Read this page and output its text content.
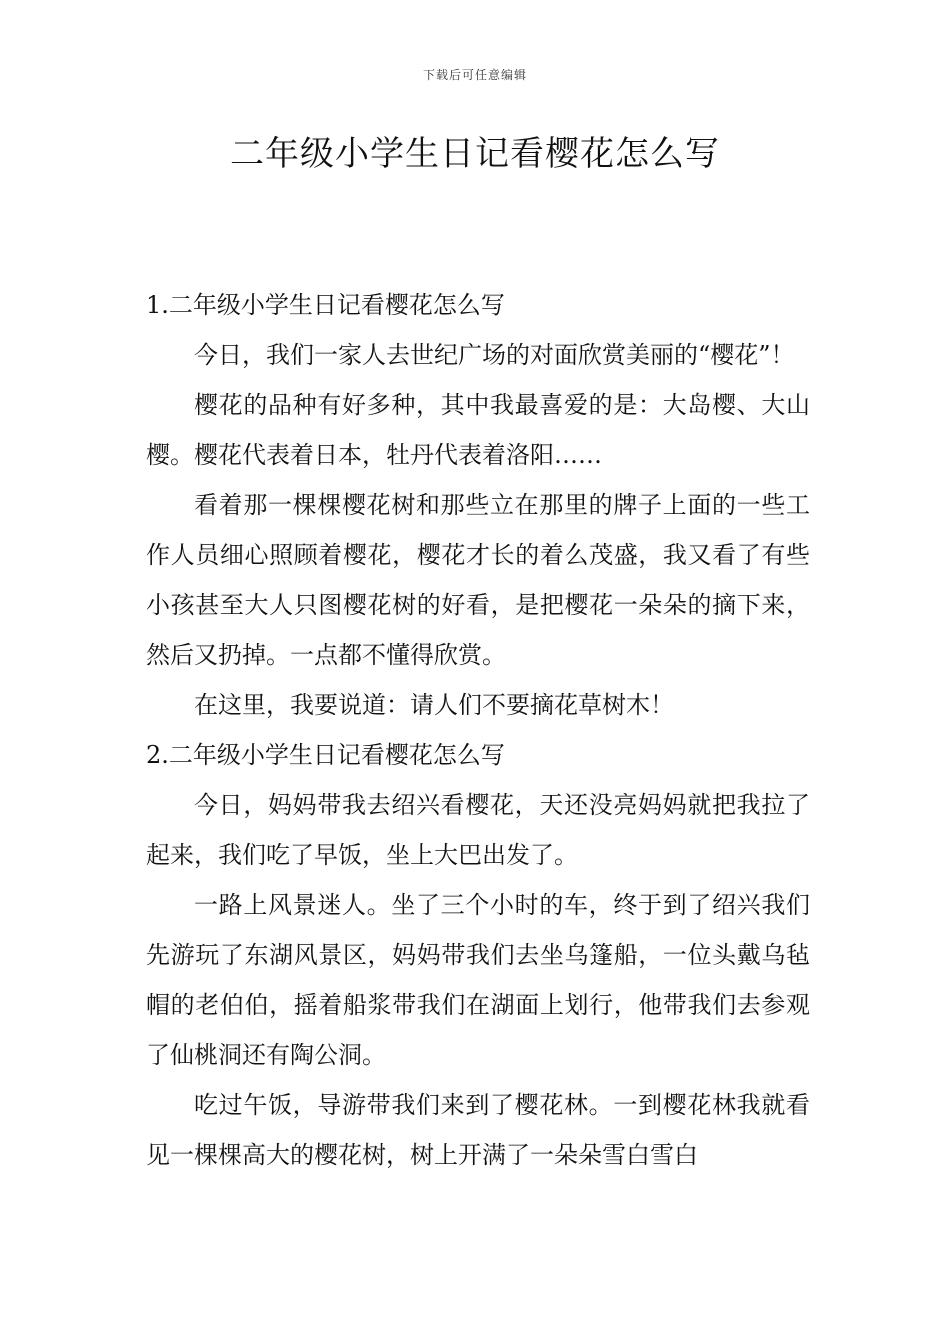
下载后可任意编辑
二年级小学生日记看樱花怎么写

1.二年级小学生日记看樱花怎么写

今日，我们一家人去世纪广场的对面欣赏美丽的“樱花”！

樱花的品种有好多种，其中我最喜爱的是：大岛樱、大山樱。樱花代表着日本，牡丹代表着洛阳……

看着那一棵棵樱花树和那些立在那里的牌子上面的一些工作人员细心照顾着樱花，樱花才长的着么茂盛，我又看了有些小孩甚至大人只图樱花树的好看，是把樱花一朵朵的摘下来，然后又扔掉。一点都不懂得欣赏。

在这里，我要说道：请人们不要摘花草树木！

2.二年级小学生日记看樱花怎么写

今日，妈妈带我去绍兴看樱花，天还没亮妈妈就把我拉了起来，我们吃了早饭，坐上大巴出发了。

一路上风景迷人。坐了三个小时的车，终于到了绍兴我们先游玩了东湖风景区，妈妈带我们去坐乌篷船，一位头戴乌毡帽的老伯伯，摇着船浆带我们在湖面上划行，他带我们去参观了仙桃洞还有陶公洞。

吃过午饭，导游带我们来到了樱花林。一到樱花林我就看见一棵棵高大的樱花树，树上开满了一朵朵雪白雪白
